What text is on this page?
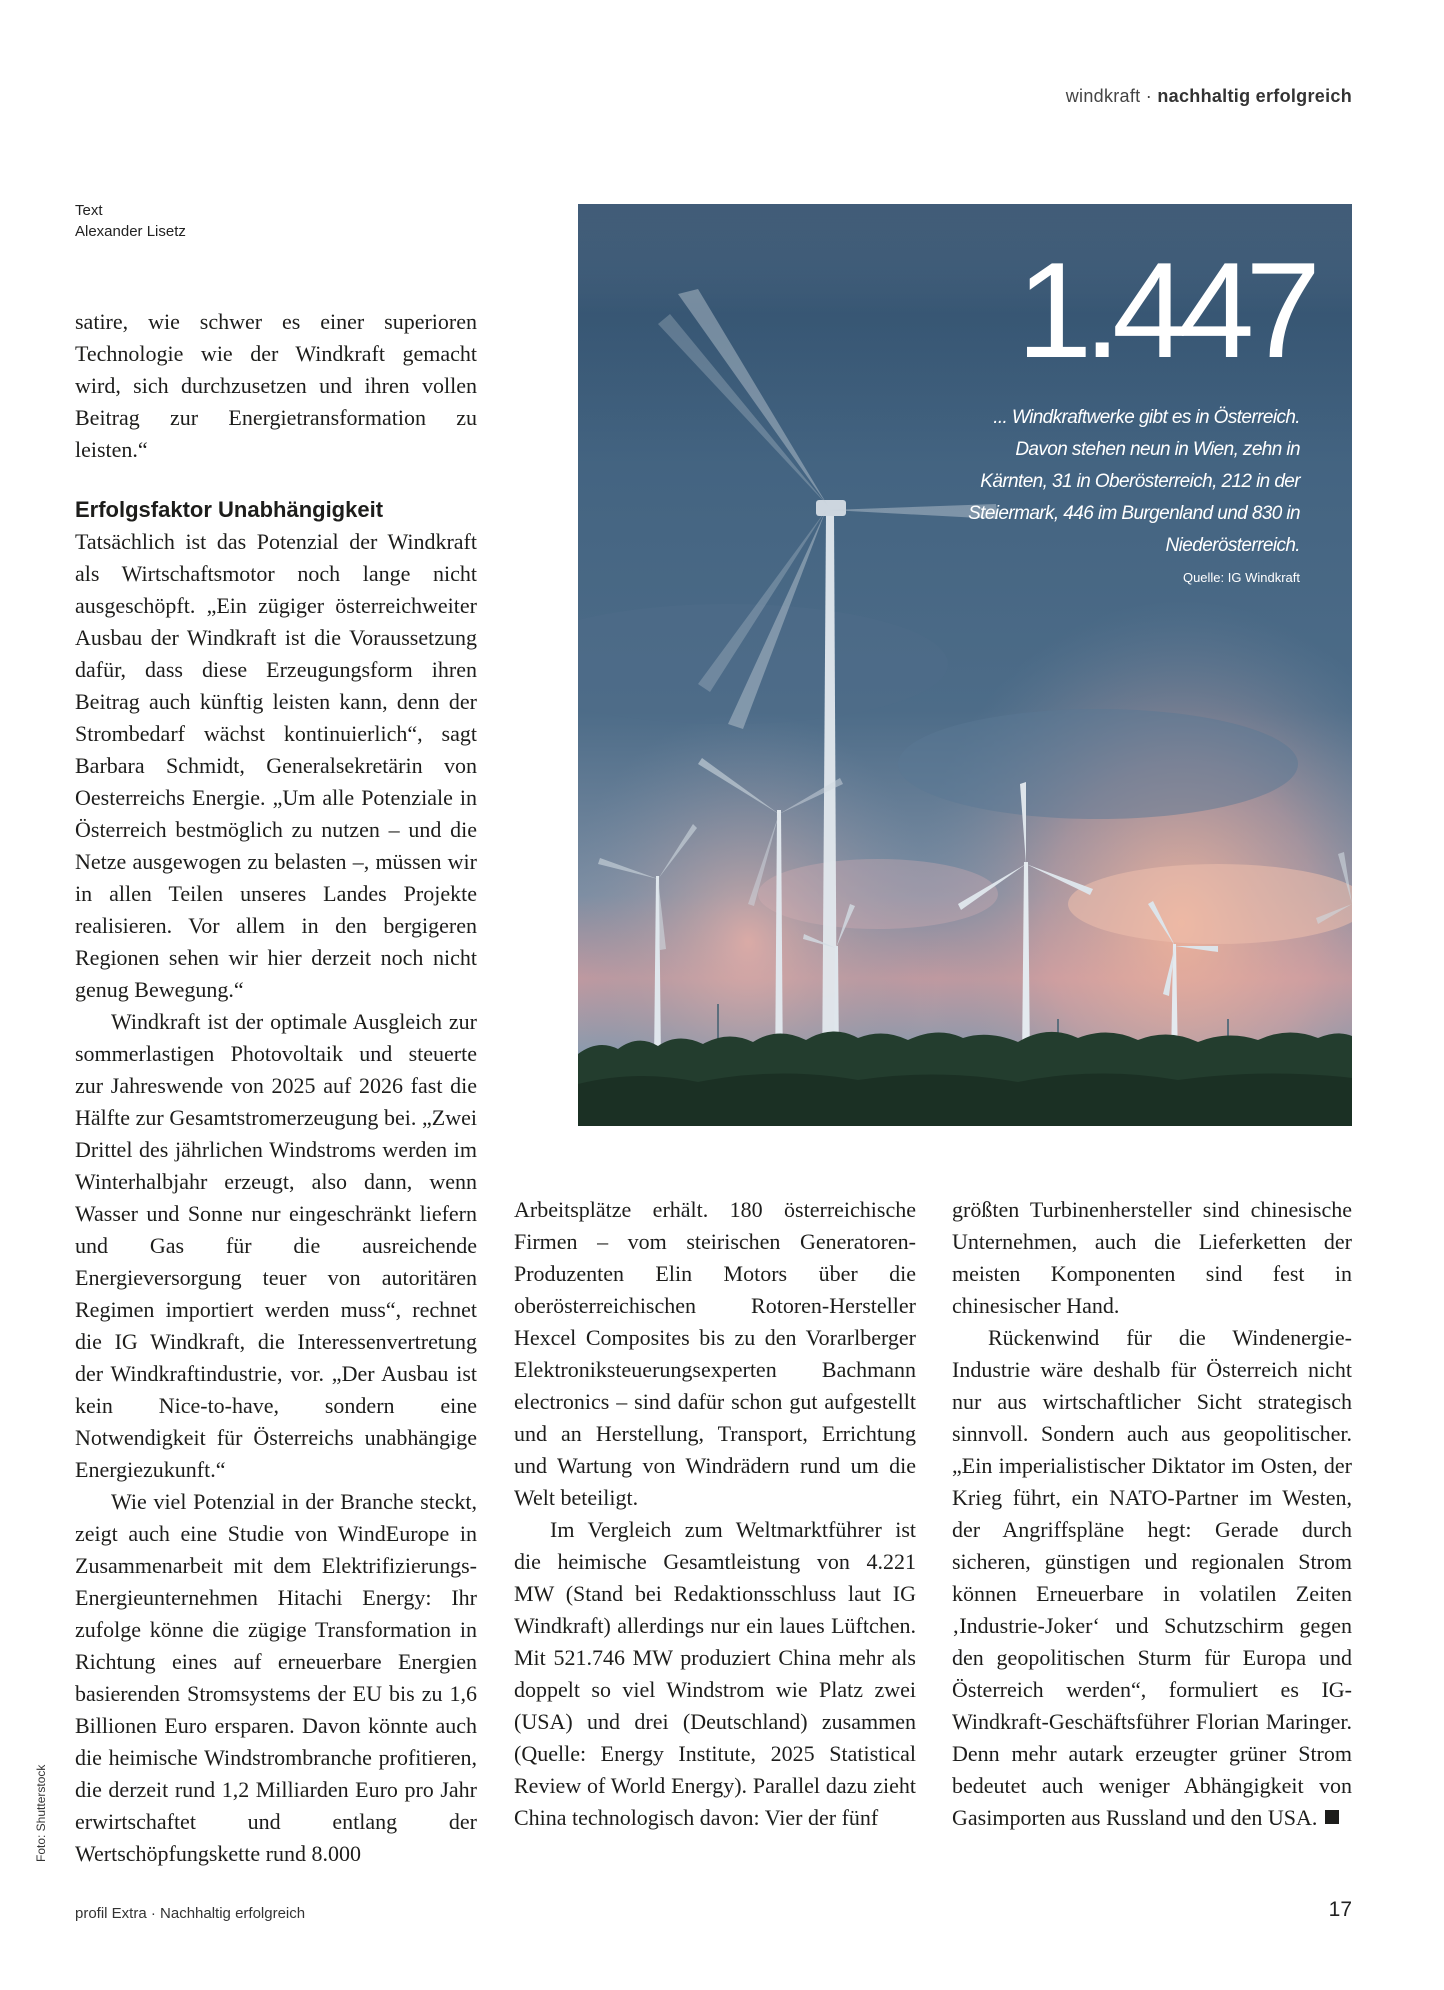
windkraft · nachhaltig erfolgreich
Text
Alexander Lisetz

satire, wie schwer es einer superioren Technologie wie der Windkraft gemacht wird, sich durchzusetzen und ihren vollen Beitrag zur Energietransformation zu leisten.“

Erfolgsfaktor Unabhängigkeit

Tatsächlich ist das Potenzial der Windkraft als Wirtschaftsmotor noch lange nicht ausgeschöpft. „Ein zügiger österreichweiter Ausbau der Windkraft ist die Voraussetzung dafür, dass diese Erzeugungsform ihren Beitrag auch künftig leisten kann, denn der Strombedarf wächst kontinuierlich“, sagt Barbara Schmidt, Generalsekretärin von Oesterreichs Energie. „Um alle Potenziale in Österreich bestmöglich zu nutzen – und die Netze ausgewogen zu belasten –, müssen wir in allen Teilen unseres Landes Projekte realisieren. Vor allem in den bergigeren Regionen sehen wir hier derzeit noch nicht genug Bewegung.“

Windkraft ist der optimale Ausgleich zur sommerlastigen Photovoltaik und steuerte zur Jahreswende von 2025 auf 2026 fast die Hälfte zur Gesamtstromerzeugung bei. „Zwei Drittel des jährlichen Windstroms werden im Winterhalbjahr erzeugt, also dann, wenn Wasser und Sonne nur eingeschränkt liefern und Gas für die ausreichende Energieversorgung teuer von autoritären Regimen importiert werden muss“, rechnet die IG Windkraft, die Interessenvertretung der Windkraftindustrie, vor. „Der Ausbau ist kein Nice-to-have, sondern eine Notwendigkeit für Österreichs unabhängige Energiezukunft.“

Wie viel Potenzial in der Branche steckt, zeigt auch eine Studie von WindEurope in Zusammenarbeit mit dem Elektrifizierungs-Energieunternehmen Hitachi Energy: Ihr zufolge könne die zügige Transformation in Richtung eines auf erneuerbare Energien basierenden Stromsystems der EU bis zu 1,6 Billionen Euro ersparen. Davon könnte auch die heimische Windstrombranche profitieren, die derzeit rund 1,2 Milliarden Euro pro Jahr erwirtschaftet und entlang der Wertschöpfungskette rund 8.000

1.447
... Windkraftwerke gibt es in Österreich. Davon stehen neun in Wien, zehn in Kärnten, 31 in Oberösterreich, 212 in der Steiermark, 446 im Burgenland und 830 in Niederösterreich.
Quelle: IG Windkraft

Arbeitsplätze erhält. 180 österreichische Firmen – vom steirischen Generatoren-Produzenten Elin Motors über die oberösterreichischen Rotoren-Hersteller Hexcel Composites bis zu den Vorarlberger Elektroniksteuerungsexperten Bachmann electronics – sind dafür schon gut aufgestellt und an Herstellung, Transport, Errichtung und Wartung von Windrädern rund um die Welt beteiligt.

Im Vergleich zum Weltmarktführer ist die heimische Gesamtleistung von 4.221 MW (Stand bei Redaktionsschluss laut IG Windkraft) allerdings nur ein laues Lüftchen. Mit 521.746 MW produziert China mehr als doppelt so viel Windstrom wie Platz zwei (USA) und drei (Deutschland) zusammen (Quelle: Energy Institute, 2025 Statistical Review of World Energy). Parallel dazu zieht China technologisch davon: Vier der fünf

größten Turbinenhersteller sind chinesische Unternehmen, auch die Lieferketten der meisten Komponenten sind fest in chinesischer Hand.

Rückenwind für die Windenergie-Industrie wäre deshalb für Österreich nicht nur aus wirtschaftlicher Sicht strategisch sinnvoll. Sondern auch aus geopolitischer. „Ein imperialistischer Diktator im Osten, der Krieg führt, ein NATO-Partner im Westen, der Angriffspläne hegt: Gerade durch sicheren, günstigen und regionalen Strom können Erneuerbare in volatilen Zeiten ‚Industrie-Joker‘ und Schutzschirm gegen den geopolitischen Sturm für Europa und Österreich werden“, formuliert es IG-Windkraft-Geschäftsführer Florian Maringer. Denn mehr autark erzeugter grüner Strom bedeutet auch weniger Abhängigkeit von Gasimporten aus Russland und den USA.

Foto: Shutterstock
profil Extra · Nachhaltig erfolgreich	17
